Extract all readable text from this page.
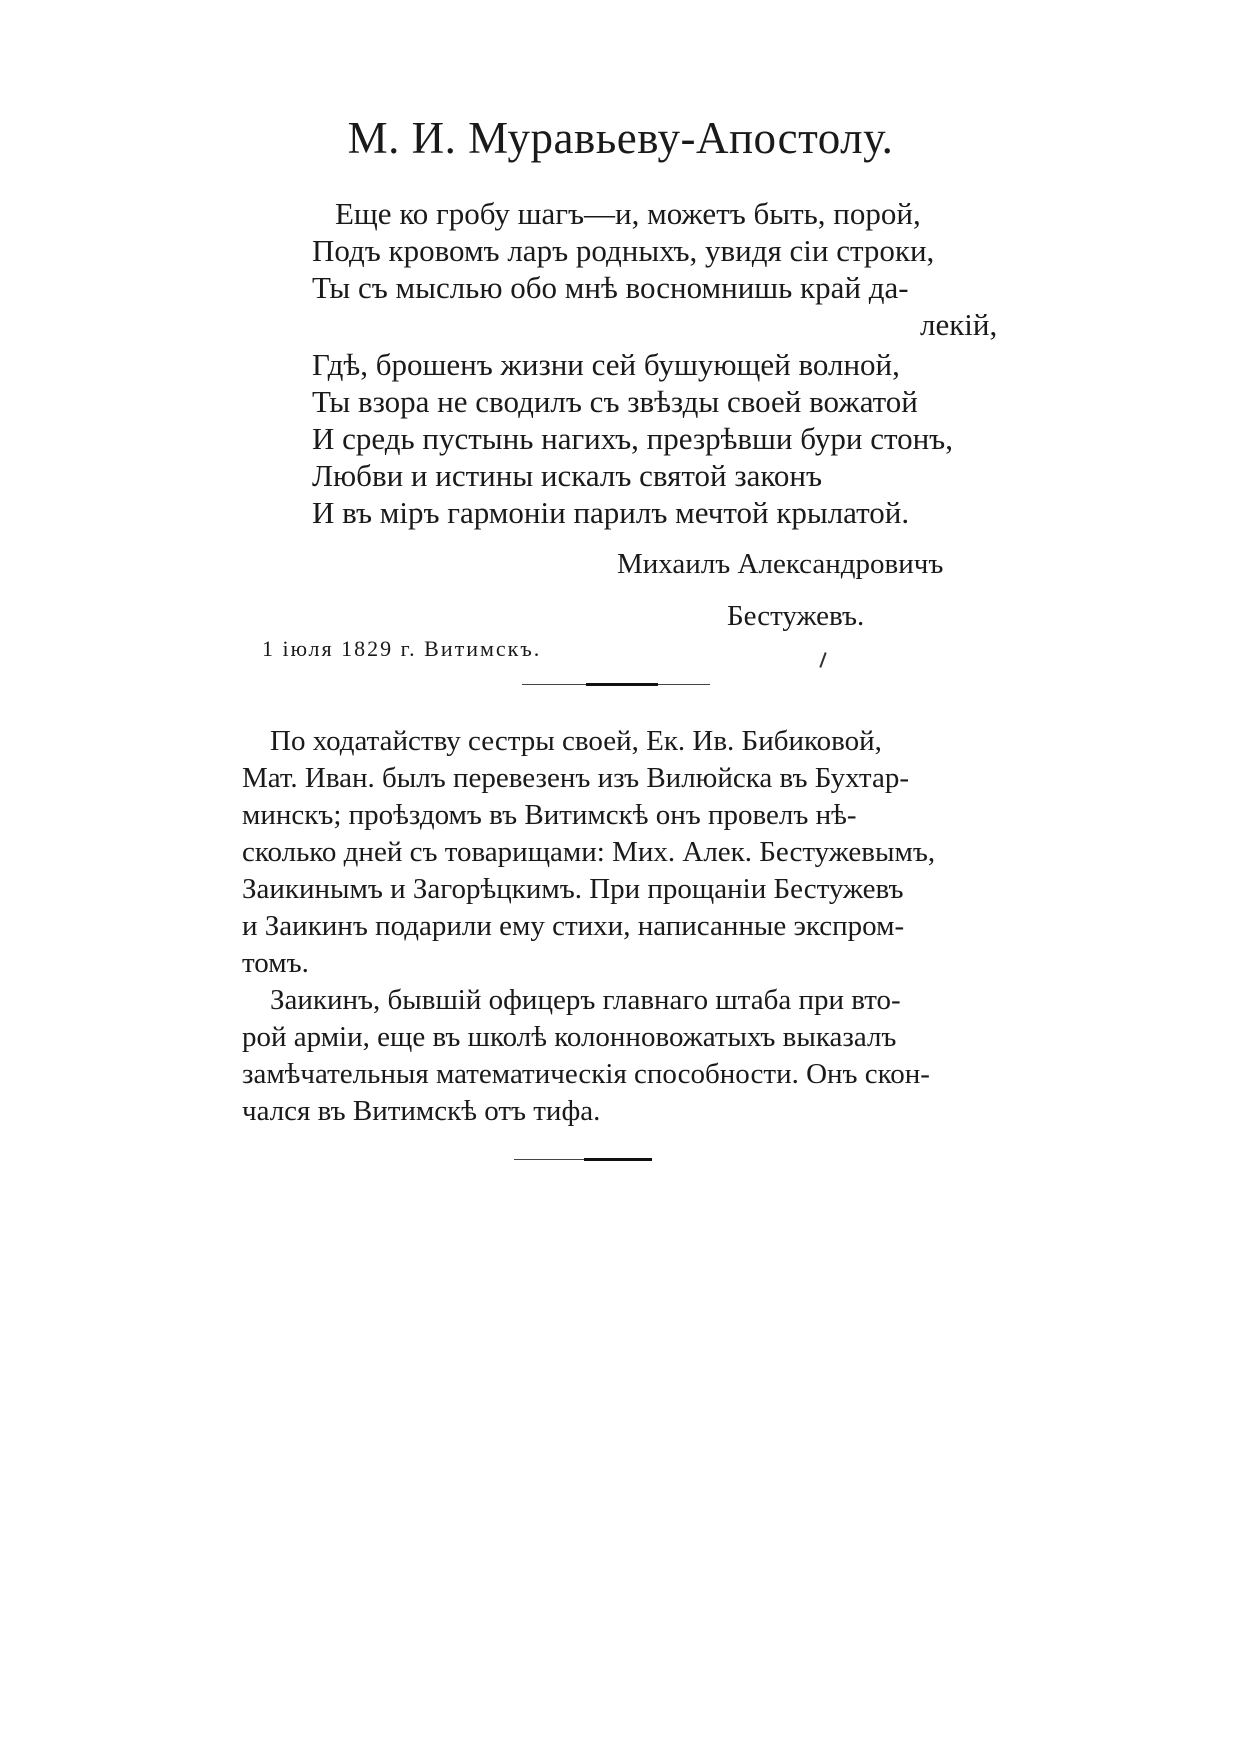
М. И. Муравьеву-Апостолу.
Еще ко гробу шагъ—и, можетъ быть, порой,
Подъ кровомъ ларъ родныхъ, увидя сіи строки,
Ты съ мыслью обо мнѣ восномнишь край да-
лекій,
Гдѣ, брошенъ жизни сей бушующей волной,
Ты взора не сводилъ съ звѣзды своей вожатой
И средь пустынь нагихъ, презрѣвши бури стонъ,
Любви и истины искалъ святой законъ
И въ міръ гармоніи парилъ мечтой крылатой.
Михаилъ Александровичъ
Бестужевъ.
1 іюля 1829 г. Витимскъ.
По ходатайству сестры своей, Ек. Ив. Бибиковой,
Мат. Иван. былъ перевезенъ изъ Вилюйска въ Бухтар-
минскъ; проѣздомъ въ Витимскѣ онъ провелъ нѣ-
сколько дней съ товарищами: Мих. Алек. Бестужевымъ,
Заикинымъ и Загорѣцкимъ. При прощаніи Бестужевъ
и Заикинъ подарили ему стихи, написанные экспром-
томъ.
Заикинъ, бывшій офицеръ главнаго штаба при вто-
рой арміи, еще въ школѣ колонновожатыхъ выказалъ
замѣчательныя математическія способности. Онъ скон-
чался въ Витимскѣ отъ тифа.
